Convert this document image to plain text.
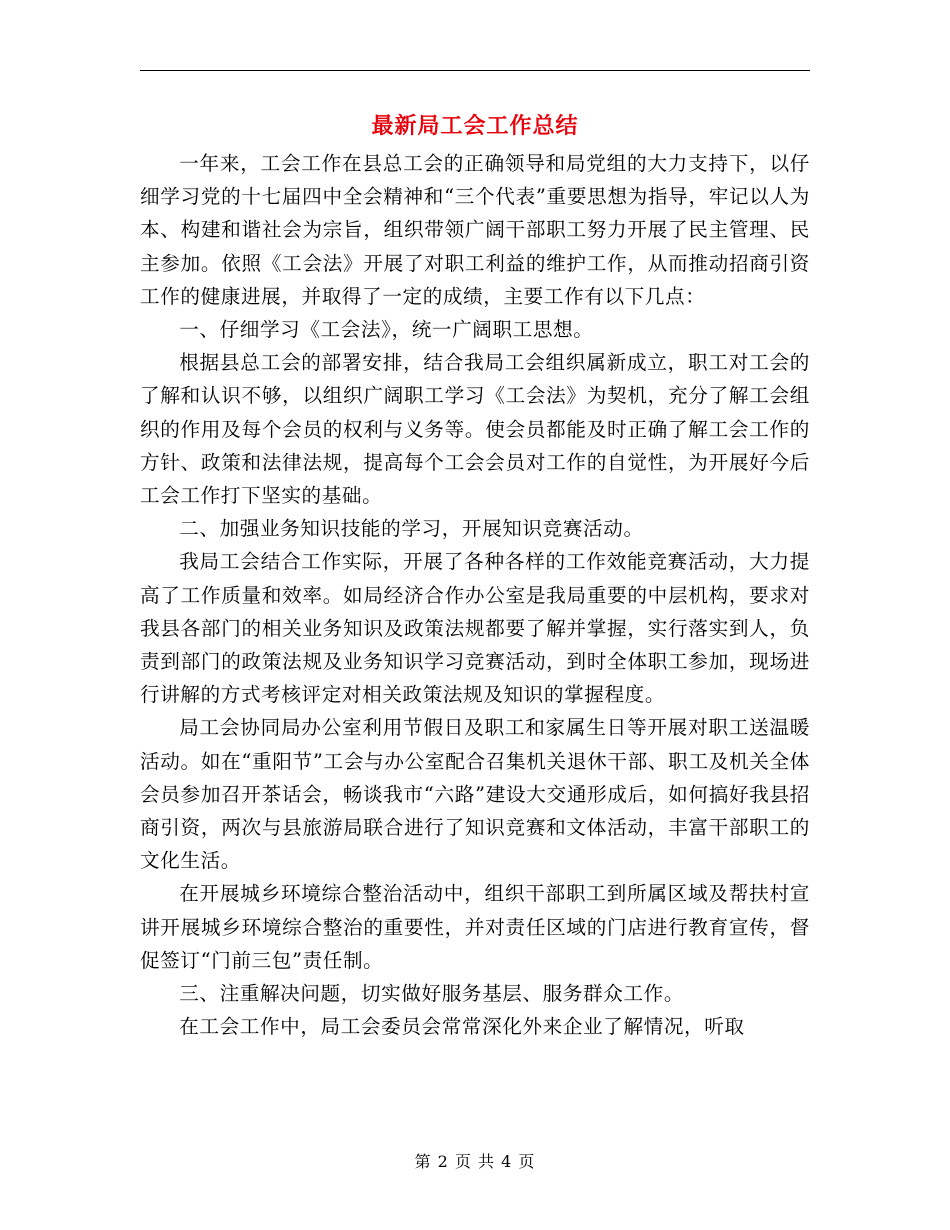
最新局工会工作总结

一年来，工会工作在县总工会的正确领导和局党组的大力支持下，以仔细学习党的十七届四中全会精神和“三个代表”重要思想为指导，牢记以人为本、构建和谐社会为宗旨，组织带领广阔干部职工努力开展了民主管理、民主参加。依照《工会法》开展了对职工利益的维护工作，从而推动招商引资工作的健康进展，并取得了一定的成绩，主要工作有以下几点：

一、仔细学习《工会法》，统一广阔职工思想。

根据县总工会的部署安排，结合我局工会组织属新成立，职工对工会的了解和认识不够，以组织广阔职工学习《工会法》为契机，充分了解工会组织的作用及每个会员的权利与义务等。使会员都能及时正确了解工会工作的方针、政策和法律法规，提高每个工会会员对工作的自觉性，为开展好今后工会工作打下坚实的基础。

二、加强业务知识技能的学习，开展知识竞赛活动。

我局工会结合工作实际，开展了各种各样的工作效能竞赛活动，大力提高了工作质量和效率。如局经济合作办公室是我局重要的中层机构，要求对我县各部门的相关业务知识及政策法规都要了解并掌握，实行落实到人，负责到部门的政策法规及业务知识学习竞赛活动，到时全体职工参加，现场进行讲解的方式考核评定对相关政策法规及知识的掌握程度。

局工会协同局办公室利用节假日及职工和家属生日等开展对职工送温暖活动。如在“重阳节”工会与办公室配合召集机关退休干部、职工及机关全体会员参加召开茶话会，畅谈我市“六路”建设大交通形成后，如何搞好我县招商引资，两次与县旅游局联合进行了知识竞赛和文体活动，丰富干部职工的文化生活。

在开展城乡环境综合整治活动中，组织干部职工到所属区域及帮扶村宣讲开展城乡环境综合整治的重要性，并对责任区域的门店进行教育宣传，督促签订“门前三包”责任制。

三、注重解决问题，切实做好服务基层、服务群众工作。

在工会工作中，局工会委员会常常深化外来企业了解情况，听取

第 2 页 共 4 页
